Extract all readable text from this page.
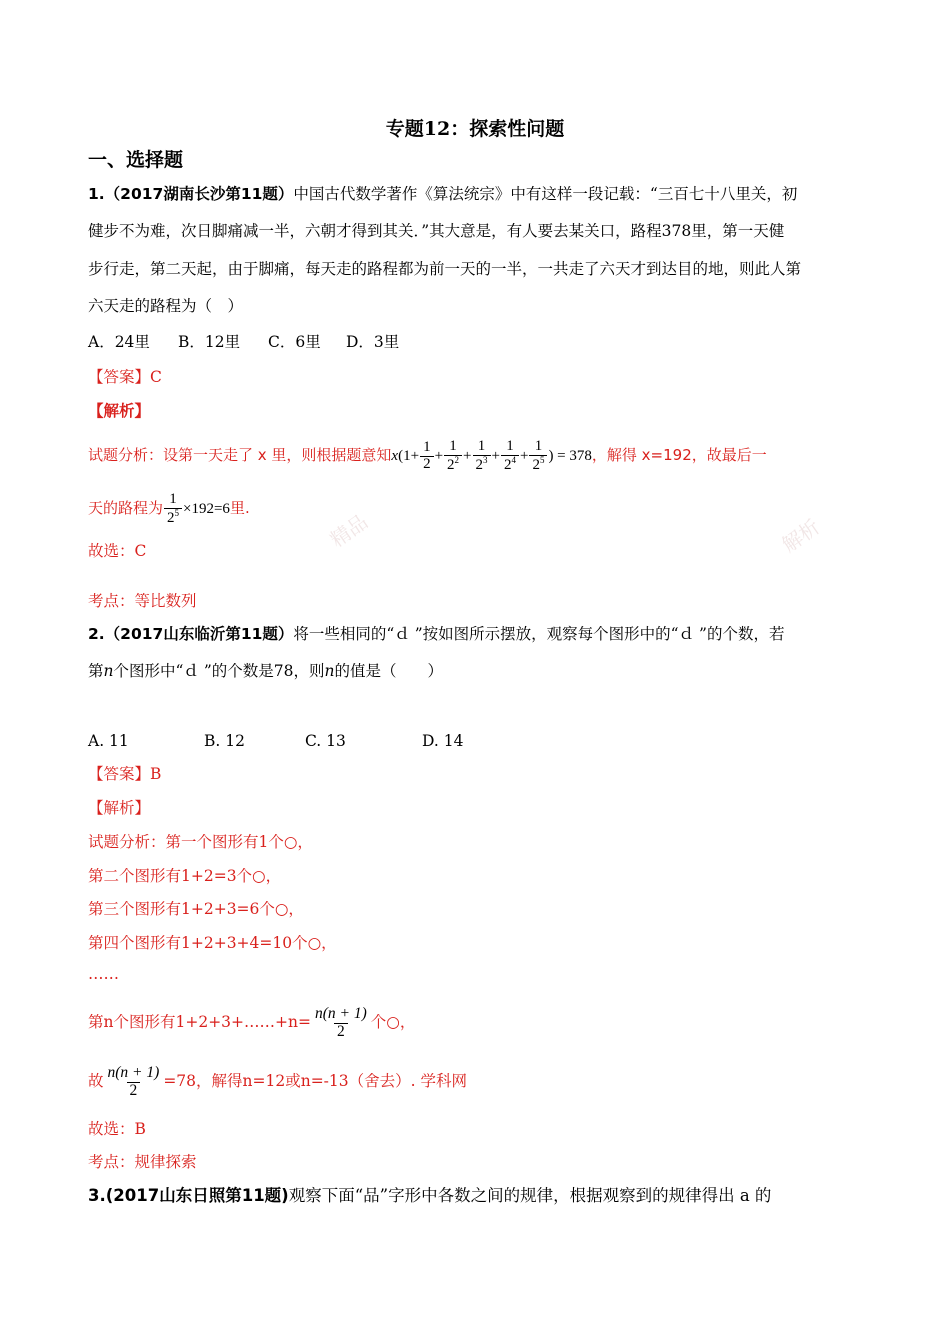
专题12：探索性问题
一、选择题
1.（2017湖南长沙第11题）中国古代数学著作《算法统宗》中有这样一段记载：“三百七十八里关，初
健步不为难，次日脚痛减一半，六朝才得到其关．”其大意是，有人要去某关口，路程378里，第一天健
步行走，第二天起，由于脚痛，每天走的路程都为前一天的一半，一共走了六天才到达目的地，则此人第
六天走的路程为（　）
A．24里 B．12里 C．6里 D．3里
【答案】C
【解析】
试题分析：设第一天走了 x 里，则根据题意知$x(1+ \frac{1}{2} + \frac{1}{2^2} + \frac{1}{2^3} + \frac{1}{2^4} + \frac{1}{2^5}$ ) = 378，解得 x=192，故最后一
天的路程为 $\frac{1}{2^5} \times 192=6$里.
故选：C
考点：等比数列
2.（2017山东临沂第11题）将一些相同的“ｄ ”按如图所示摆放，观察每个图形中的“ｄ ”的个数，若
第n个图形中“ｄ ”的个数是78，则n的值是（　　）
A. 11	B. 12	C. 13	D. 14
【答案】B
【解析】
试题分析：第一个图形有1个○，
第二个图形有1+2=3个○，
第三个图形有1+2+3=6个○，
第四个图形有1+2+3+4=10个○，
……
第n个图形有1+2+3+……+n= $\frac{n(n + 1)}{2}$ 个○，
故 $\frac{n(n + 1)}{2} =78$，解得n=12或n=-13（舍去）. 学科网
故选：B
考点：规律探索
3.(2017山东日照第11题)观察下面“品”字形中各数之间的规律，根据观察到的规律得出 a 的
精品	解析
